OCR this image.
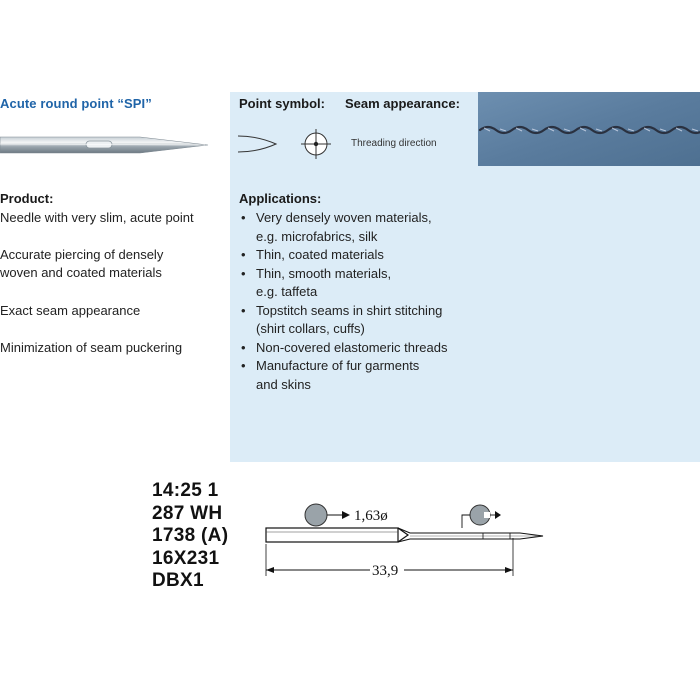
Acute round point “SPI”	Point symbol: Seam appearance:
Threading direction
Product:
Needle with very slim, acute point
Accurate piercing of densely
woven and coated materials
Exact seam appearance
Minimization of seam puckering
Applications:
• Very densely woven materials,
e.g. microfabrics, silk
• Thin, coated materials
• Thin, smooth materials,
e.g. taffeta
• Topstitch seams in shirt stitching
(shirt collars, cuffs)
• Non-covered elastomeric threads
• Manufacture of fur garments
and skins
14:25 1
287 WH
1738 (A)
16X231
DBX1	33,9
1,63ø
